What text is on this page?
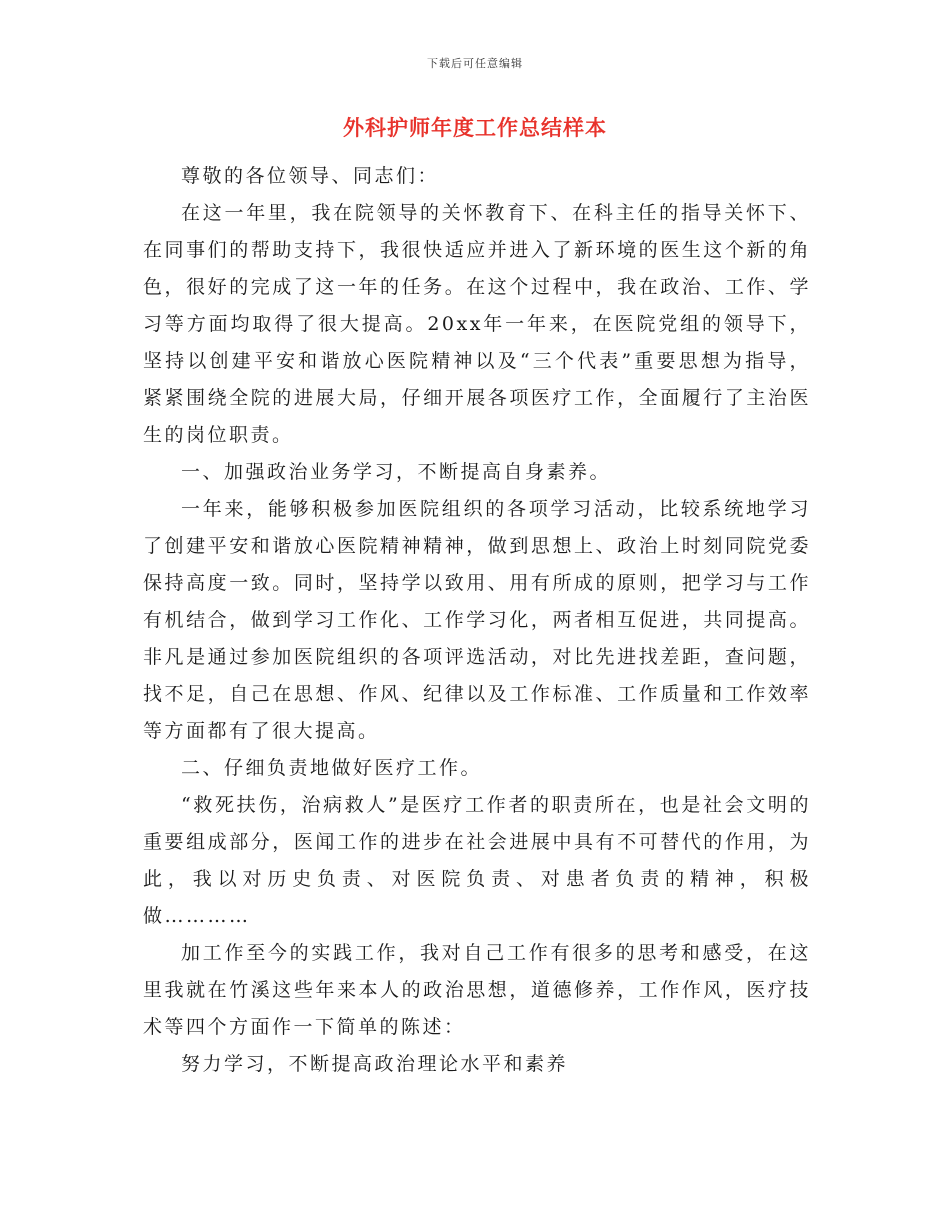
下载后可任意编辑
外科护师年度工作总结样本

尊敬的各位领导、同志们：

在这一年里，我在院领导的关怀教育下、在科主任的指导关怀下、在同事们的帮助支持下，我很快适应并进入了新环境的医生这个新的角色，很好的完成了这一年的任务。在这个过程中，我在政治、工作、学习等方面均取得了很大提高。20xx年一年来，在医院党组的领导下，坚持以创建平安和谐放心医院精神以及“三个代表”重要思想为指导，紧紧围绕全院的进展大局，仔细开展各项医疗工作，全面履行了主治医生的岗位职责。

一、加强政治业务学习，不断提高自身素养。

一年来，能够积极参加医院组织的各项学习活动，比较系统地学习了创建平安和谐放心医院精神精神，做到思想上、政治上时刻同院党委保持高度一致。同时，坚持学以致用、用有所成的原则，把学习与工作有机结合，做到学习工作化、工作学习化，两者相互促进，共同提高。非凡是通过参加医院组织的各项评选活动，对比先进找差距，查问题，找不足，自己在思想、作风、纪律以及工作标准、工作质量和工作效率等方面都有了很大提高。

二、仔细负责地做好医疗工作。

“救死扶伤，治病救人”是医疗工作者的职责所在，也是社会文明的重要组成部分，医闻工作的进步在社会进展中具有不可替代的作用，为此，我以对历史负责、对医院负责、对患者负责的精神，积极做…………

加工作至今的实践工作，我对自己工作有很多的思考和感受，在这里我就在竹溪这些年来本人的政治思想，道德修养，工作作风，医疗技术等四个方面作一下简单的陈述：

努力学习，不断提高政治理论水平和素养
